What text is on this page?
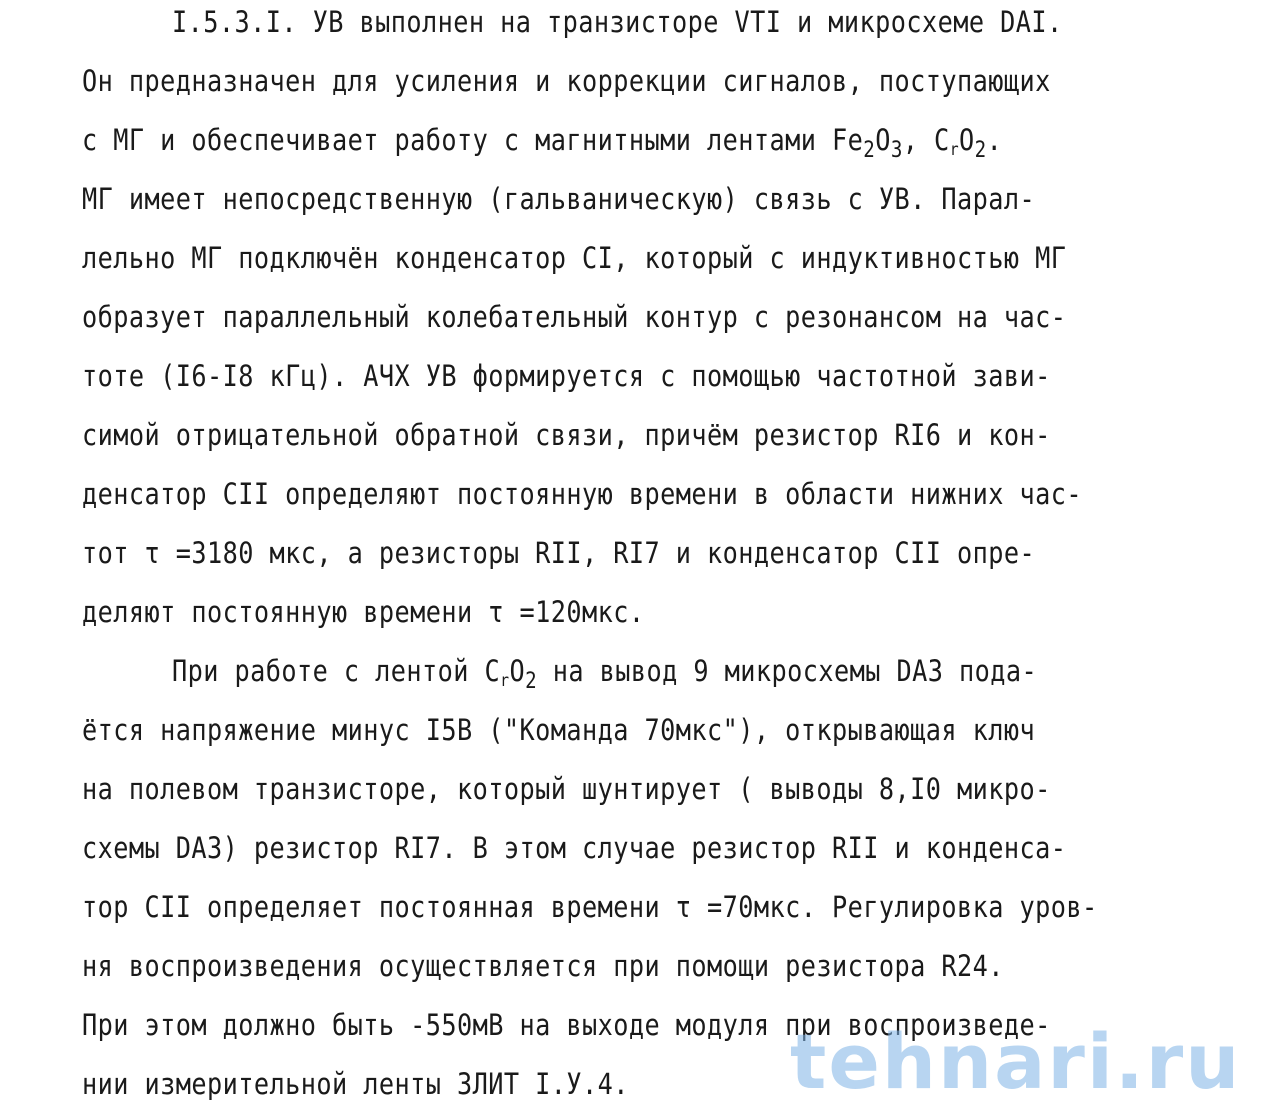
I.5.3.I. УВ выполнен на транзисторе VTI и микросхеме DAI.
Он предназначен для усиления и коррекции сигналов, поступающих
с МГ и обеспечивает работу с магнитными лентами $Fe_2O_3$, CrO$_2$.
МГ имеет непосредственную (гальваническую) связь с УВ. Парал-
лельно МГ подключён конденсатор CI, который с индуктивностью МГ
образует параллельный колебательный контур с резонансом на час-
тоте (I6-I8 кГц). АЧХ УВ формируется с помощью частотной зави-
симой отрицательной обратной связи, причём резистор RI6 и кон-
денсатор CII определяют постоянную времени в области нижних час-
тот τ =3180 мкс, а резисторы RII, RI7 и конденсатор CII опре-
деляют постоянную времени τ =120мкс.
При работе с лентой CrO$_2$ на вывод 9 микросхемы DA3 пода-
ётся напряжение минус I5В ("Команда 70мкс"), открывающая ключ
на полевом транзисторе, который шунтирует ( выводы 8,I0 микро-
схемы DA3) резистор RI7. В этом случае резистор RII и конденса-
тор CII определяет постоянная времени τ =70мкс. Регулировка уров-
ня воспроизведения осуществляется при помощи резистора R24.
При этом должно быть -550мВ на выходе модуля при воспроизведе-
нии измерительной ленты 3ЛИТ I.У.4. tehnari.ru
